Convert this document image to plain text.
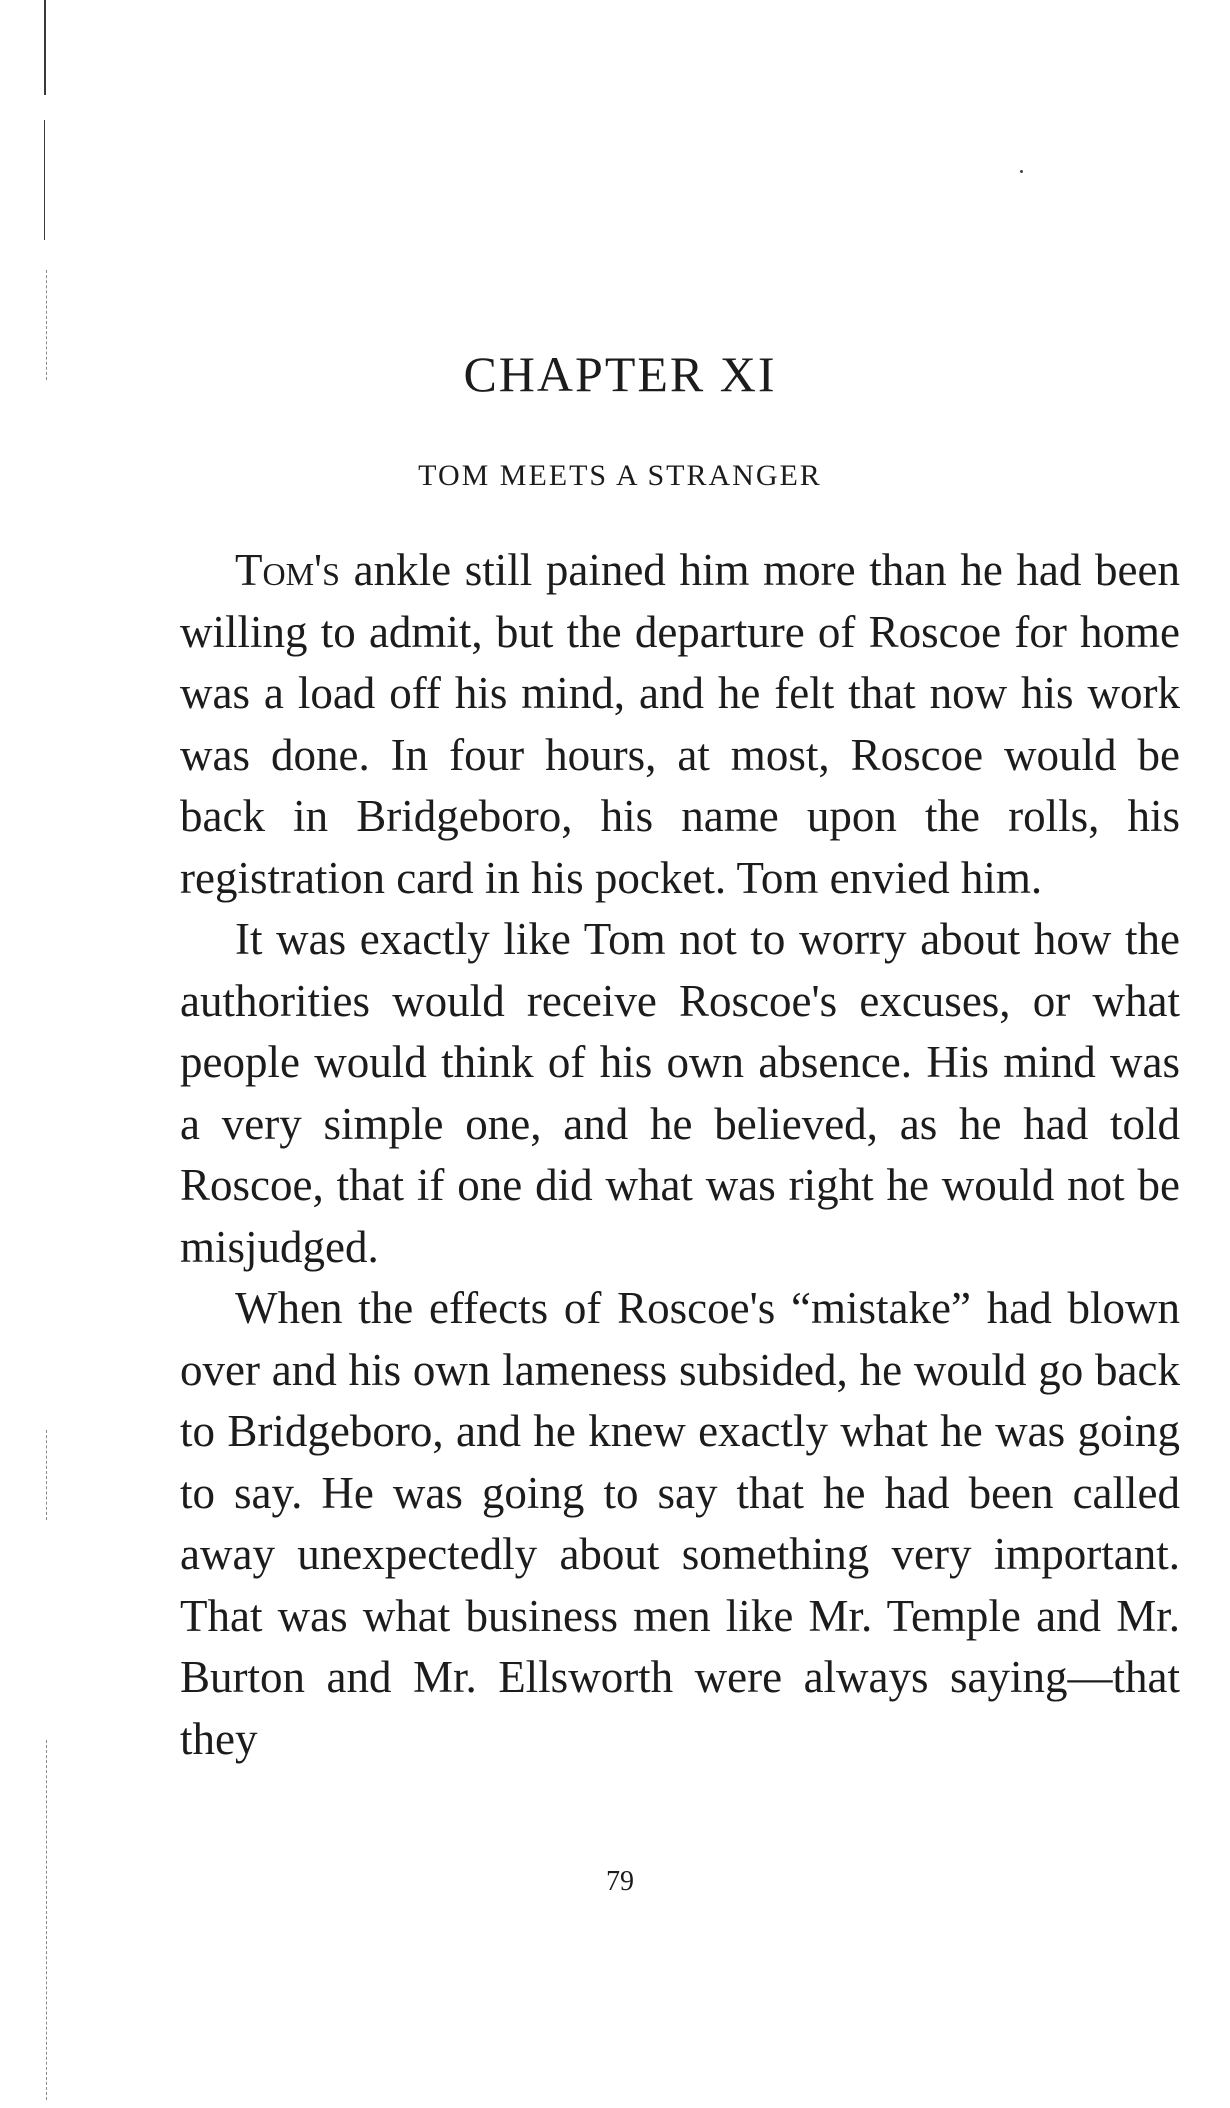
CHAPTER XI
TOM MEETS A STRANGER

Tom's ankle still pained him more than he had been willing to admit, but the departure of Roscoe for home was a load off his mind, and he felt that now his work was done. In four hours, at most, Roscoe would be back in Bridgeboro, his name upon the rolls, his registration card in his pocket. Tom envied him.

It was exactly like Tom not to worry about how the authorities would receive Roscoe's excuses, or what people would think of his own absence. His mind was a very simple one, and he believed, as he had told Roscoe, that if one did what was right he would not be misjudged.

When the effects of Roscoe's “mistake” had blown over and his own lameness subsided, he would go back to Bridgeboro, and he knew exactly what he was going to say. He was going to say that he had been called away unexpectedly about something very important. That was what business men like Mr. Temple and Mr. Burton and Mr. Ellsworth were always saying—that they

79
